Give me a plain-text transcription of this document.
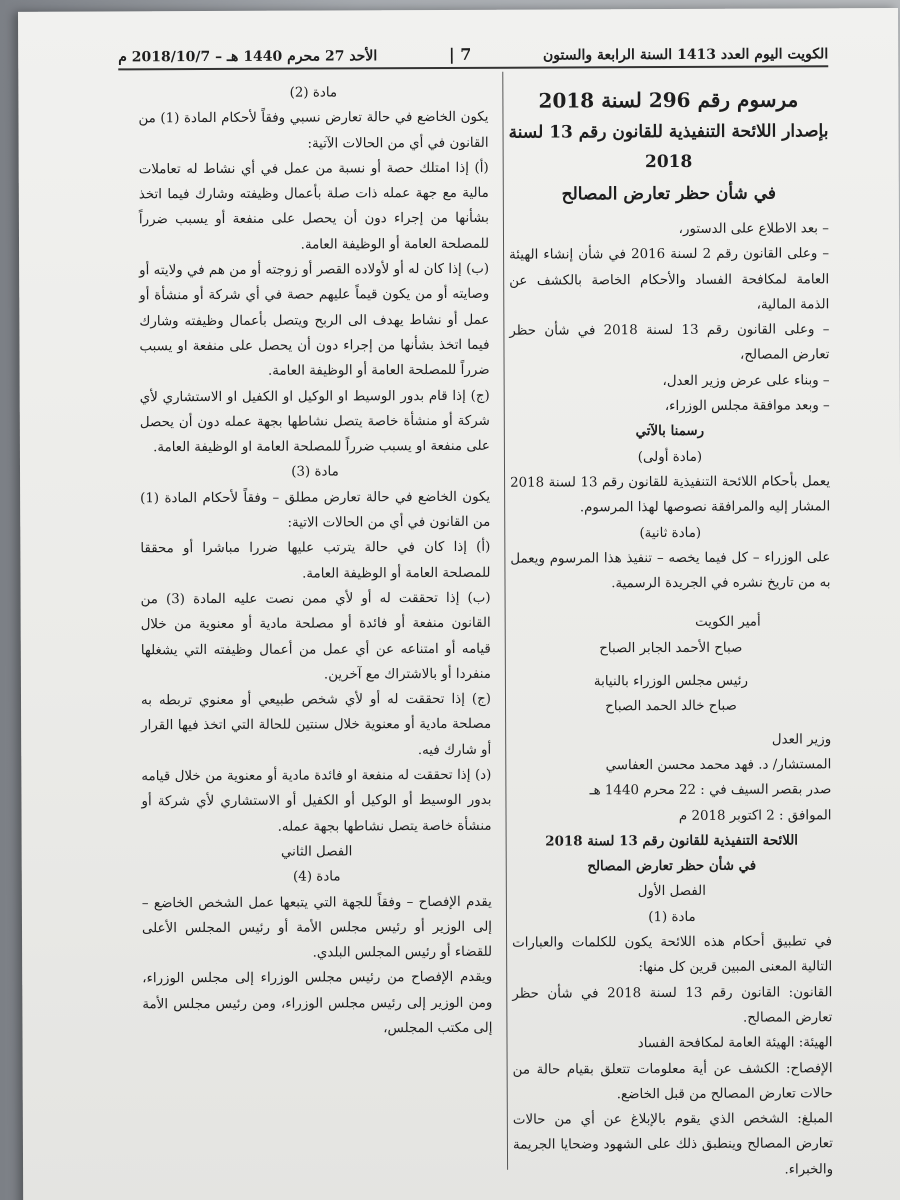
الكويت اليوم العدد 1413 السنة الرابعة والستون
7 |
الأحد 27 محرم 1440 هـ – 2018/10/7 م
مرسوم رقم 296 لسنة 2018
بإصدار اللائحة التنفيذية للقانون رقم 13 لسنة 2018
في شأن حظر تعارض المصالح

– بعد الاطلاع على الدستور،

– وعلى القانون رقم 2 لسنة 2016 في شأن إنشاء الهيئة العامة لمكافحة الفساد والأحكام الخاصة بالكشف عن الذمة المالية،

– وعلى القانون رقم 13 لسنة 2018 في شأن حظر تعارض المصالح،

– وبناء على عرض وزير العدل،

– وبعد موافقة مجلس الوزراء،

رسمنا بالآتي

(مادة أولى)

يعمل بأحكام اللائحة التنفيذية للقانون رقم 13 لسنة 2018 المشار إليه والمرافقة نصوصها لهذا المرسوم.

(مادة ثانية)

على الوزراء – كل فيما يخصه – تنفيذ هذا المرسوم ويعمل به من تاريخ نشره في الجريدة الرسمية.

أمير الكويت

صباح الأحمد الجابر الصباح

رئيس مجلس الوزراء بالنيابة

صباح خالد الحمد الصباح

وزير العدل

المستشار/ د. فهد محمد محسن العفاسي

صدر بقصر السيف في : 22 محرم 1440 هـ

الموافق : 2 اكتوبر 2018 م

اللائحة التنفيذية للقانون رقم 13 لسنة 2018

في شأن حظر تعارض المصالح

الفصل الأول

مادة (1)

في تطبيق أحكام هذه اللائحة يكون للكلمات والعبارات التالية المعنى المبين قرين كل منها:

القانون: القانون رقم 13 لسنة 2018 في شأن حظر تعارض المصالح.

الهيئة: الهيئة العامة لمكافحة الفساد

الإفصاح: الكشف عن أية معلومات تتعلق بقيام حالة من حالات تعارض المصالح من قبل الخاضع.

المبلغ: الشخص الذي يقوم بالإبلاغ عن أي من حالات تعارض المصالح وينطبق ذلك على الشهود وضحايا الجريمة والخبراء.

مادة (2)

يكون الخاضع في حالة تعارض نسبي وفقاً لأحكام المادة (1) من القانون في أي من الحالات الآتية:

(أ) إذا امتلك حصة أو نسبة من عمل في أي نشاط له تعاملات مالية مع جهة عمله ذات صلة بأعمال وظيفته وشارك فيما اتخذ بشأنها من إجراء دون أن يحصل على منفعة أو يسبب ضرراً للمصلحة العامة أو الوظيفة العامة.

(ب) إذا كان له أو لأولاده القصر أو زوجته أو من هم في ولايته أو وصايته أو من يكون قيماً عليهم حصة في أي شركة أو منشأة أو عمل أو نشاط يهدف الى الربح ويتصل بأعمال وظيفته وشارك فيما اتخذ بشأنها من إجراء دون أن يحصل على منفعة او يسبب ضرراً للمصلحة العامة أو الوظيفة العامة.

(ج) إذا قام بدور الوسيط او الوكيل او الكفيل او الاستشاري لأي شركة أو منشأة خاصة يتصل نشاطها بجهة عمله دون أن يحصل على منفعة او يسبب ضرراً للمصلحة العامة او الوظيفة العامة.

مادة (3)

يكون الخاضع في حالة تعارض مطلق – وفقاً لأحكام المادة (1) من القانون في أي من الحالات الاتية:

(أ) إذا كان في حالة يترتب عليها ضررا مباشرا أو محققا للمصلحة العامة أو الوظيفة العامة.

(ب) إذا تحققت له أو لأي ممن نصت عليه المادة (3) من القانون منفعة أو فائدة أو مصلحة مادية أو معنوية من خلال قيامه أو امتناعه عن أي عمل من أعمال وظيفته التي يشغلها منفردا أو بالاشتراك مع آخرين.

(ج) إذا تحققت له أو لأي شخص طبيعي أو معنوي تربطه به مصلحة مادية أو معنوية خلال سنتين للحالة التي اتخذ فيها القرار أو شارك فيه.

(د) إذا تحققت له منفعة او فائدة مادية أو معنوية من خلال قيامه بدور الوسيط أو الوكيل أو الكفيل أو الاستشاري لأي شركة أو منشأة خاصة يتصل نشاطها بجهة عمله.

الفصل الثاني

مادة (4)

يقدم الإفصاح – وفقاً للجهة التي يتبعها عمل الشخص الخاضع – إلى الوزير أو رئيس مجلس الأمة أو رئيس المجلس الأعلى للقضاء أو رئيس المجلس البلدي.

ويقدم الإفصاح من رئيس مجلس الوزراء إلى مجلس الوزراء، ومن الوزير إلى رئيس مجلس الوزراء، ومن رئيس مجلس الأمة إلى مكتب المجلس،
